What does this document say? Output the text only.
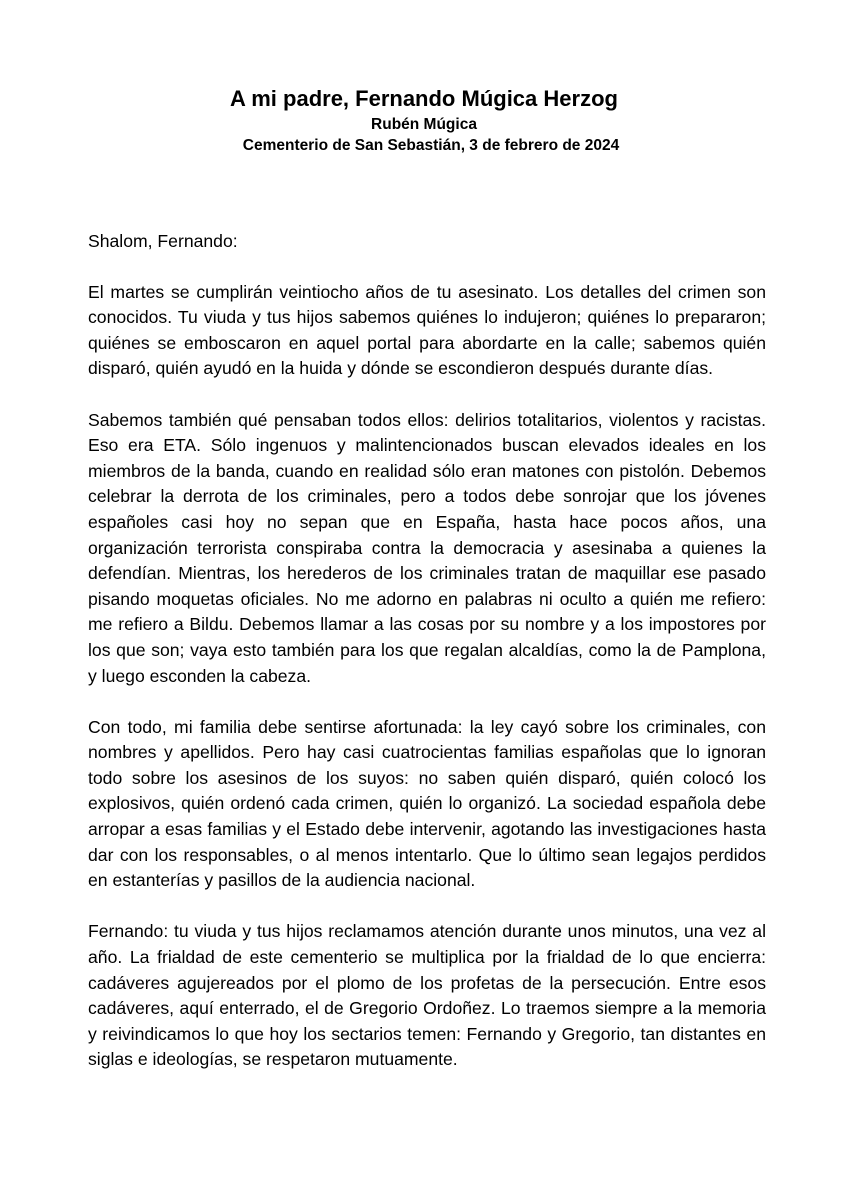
A mi padre, Fernando Múgica Herzog

Rubén Múgica

Cementerio de San Sebastián, 3 de febrero de 2024

Shalom, Fernando:

El martes se cumplirán veintiocho años de tu asesinato. Los detalles del crimen son conocidos. Tu viuda y tus hijos sabemos quiénes lo indujeron; quiénes lo prepararon; quiénes se emboscaron en aquel portal para abordarte en la calle; sabemos quién disparó, quién ayudó en la huida y dónde se escondieron después durante días.

Sabemos también qué pensaban todos ellos: delirios totalitarios, violentos y racistas. Eso era ETA. Sólo ingenuos y malintencionados buscan elevados ideales en los miembros de la banda, cuando en realidad sólo eran matones con pistolón. Debemos celebrar la derrota de los criminales, pero a todos debe sonrojar que los jóvenes españoles casi hoy no sepan que en España, hasta hace pocos años, una organización terrorista conspiraba contra la democracia y asesinaba a quienes la defendían. Mientras, los herederos de los criminales tratan de maquillar ese pasado pisando moquetas oficiales. No me adorno en palabras ni oculto a quién me refiero: me refiero a Bildu. Debemos llamar a las cosas por su nombre y a los impostores por los que son; vaya esto también para los que regalan alcaldías, como la de Pamplona, y luego esconden la cabeza.

Con todo, mi familia debe sentirse afortunada: la ley cayó sobre los criminales, con nombres y apellidos. Pero hay casi cuatrocientas familias españolas que lo ignoran todo sobre los asesinos de los suyos: no saben quién disparó, quién colocó los explosivos, quién ordenó cada crimen, quién lo organizó. La sociedad española debe arropar a esas familias y el Estado debe intervenir, agotando las investigaciones hasta dar con los responsables, o al menos intentarlo. Que lo último sean legajos perdidos en estanterías y pasillos de la audiencia nacional.

Fernando: tu viuda y tus hijos reclamamos atención durante unos minutos, una vez al año. La frialdad de este cementerio se multiplica por la frialdad de lo que encierra: cadáveres agujereados por el plomo de los profetas de la persecución. Entre esos cadáveres, aquí enterrado, el de Gregorio Ordoñez. Lo traemos siempre a la memoria y reivindicamos lo que hoy los sectarios temen: Fernando y Gregorio, tan distantes en siglas e ideologías, se respetaron mutuamente.
